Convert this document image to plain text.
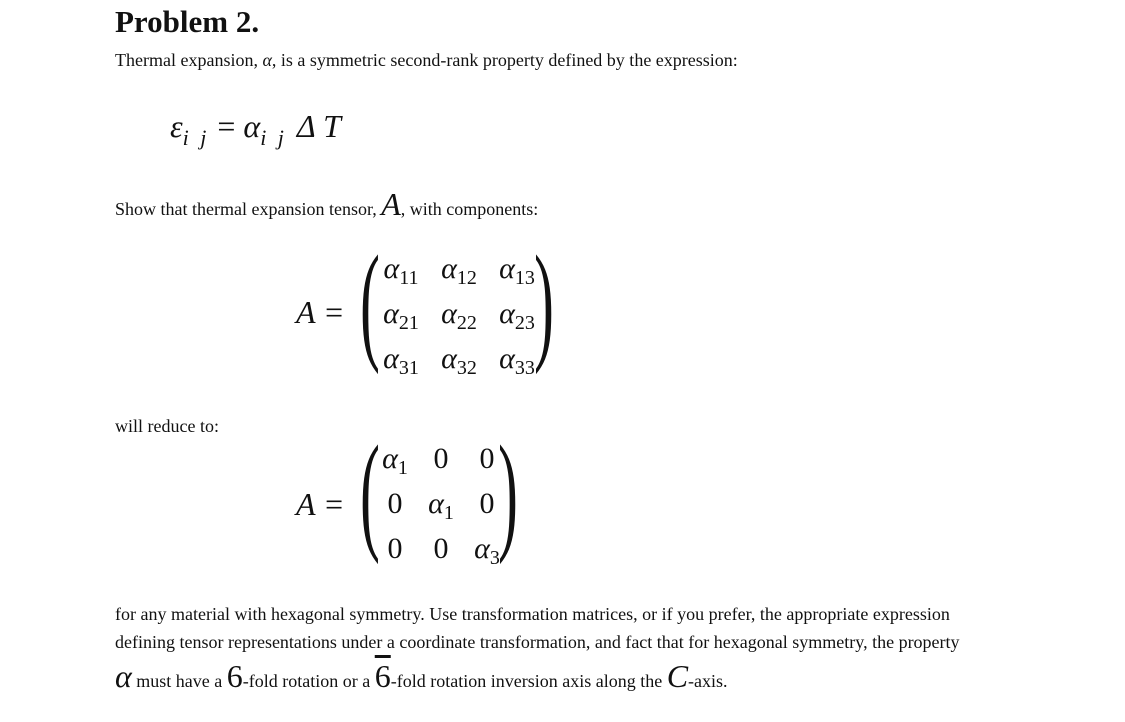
Problem 2.
Thermal expansion, α, is a symmetric second-rank property defined by the expression:
$\varepsilon_{i j} = \alpha_{i j}$ Δ T
Show that thermal expansion tensor, A, with components:
A = ( )
$\alpha_{11}$ $\alpha_{12}$ $\alpha_{13}$
$\alpha_{21}$ $\alpha_{22}$ $\alpha_{23}$
$\alpha_{31}$ $\alpha_{32}$ $\alpha_{33}$
will reduce to:
A = ( )
$\alpha_1$ 0	0
0 $\alpha_1$ 0
0	0 $\alpha_3$
for any material with hexagonal symmetry. Use transformation matrices, or if you prefer, the appropriate expression
defining tensor representations under a coordinate transformation, and fact that for hexagonal symmetry, the property
α must have a 6-fold rotation or a 6-fold rotation inversion axis along the C-axis.
